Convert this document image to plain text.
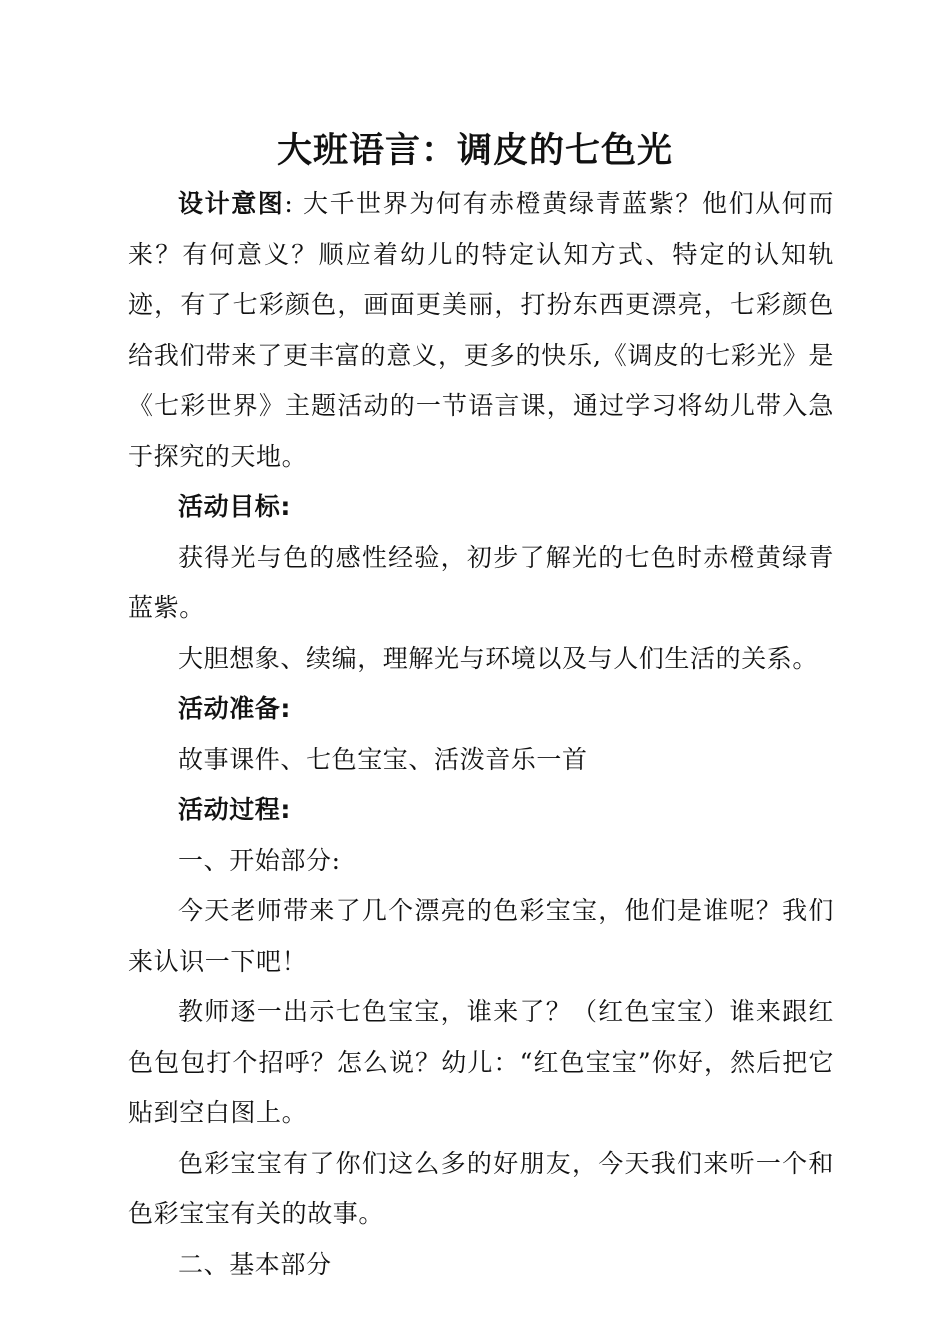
大班语言：调皮的七色光

设计意图: 大千世界为何有赤橙黄绿青蓝紫？他们从何而来？有何意义？顺应着幼儿的特定认知方式、特定的认知轨迹，有了七彩颜色，画面更美丽，打扮东西更漂亮，七彩颜色给我们带来了更丰富的意义，更多的快乐,《调皮的七彩光》是《七彩世界》主题活动的一节语言课，通过学习将幼儿带入急于探究的天地。

活动目标:

获得光与色的感性经验，初步了解光的七色时赤橙黄绿青蓝紫。

大胆想象、续编，理解光与环境以及与人们生活的关系。

活动准备:

故事课件、七色宝宝、活泼音乐一首

活动过程:

一、开始部分:

今天老师带来了几个漂亮的色彩宝宝，他们是谁呢？我们来认识一下吧！

教师逐一出示七色宝宝，谁来了？（红色宝宝）谁来跟红色包包打个招呼？怎么说？幼儿：“红色宝宝”你好，然后把它贴到空白图上。

色彩宝宝有了你们这么多的好朋友，今天我们来听一个和色彩宝宝有关的故事。

二、基本部分
